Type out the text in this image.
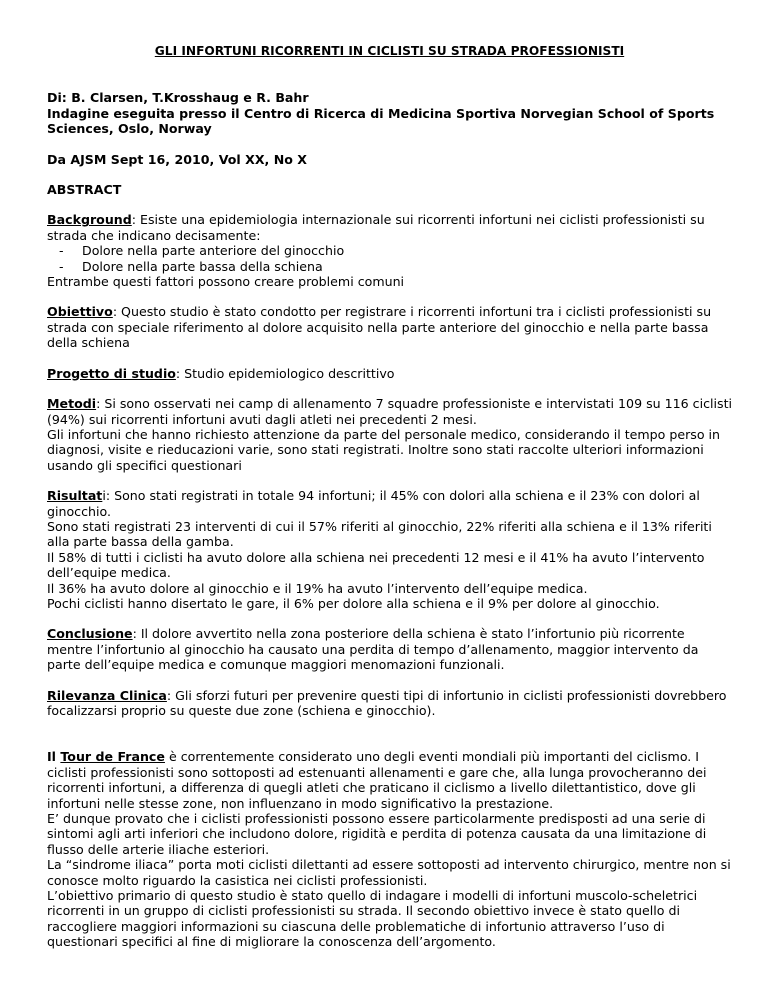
GLI INFORTUNI RICORRENTI IN CICLISTI SU STRADA PROFESSIONISTI

Di: B. Clarsen, T.Krosshaug e R. Bahr

Indagine eseguita presso il Centro di Ricerca di Medicina Sportiva Norvegian School of Sports Sciences, Oslo, Norway

Da AJSM Sept 16, 2010, Vol XX, No X

ABSTRACT

Background: Esiste una epidemiologia internazionale sui ricorrenti infortuni nei ciclisti professionisti su strada che indicano decisamente:

- Dolore nella parte anteriore del ginocchio
- Dolore nella parte bassa della schiena

Entrambe questi fattori possono creare problemi comuni

Obiettivo: Questo studio è stato condotto per registrare i ricorrenti infortuni tra i ciclisti professionisti su strada con speciale riferimento al dolore acquisito nella parte anteriore del ginocchio e nella parte bassa della schiena

Progetto di studio: Studio epidemiologico descrittivo

Metodi: Si sono osservati nei camp di allenamento 7 squadre professioniste e intervistati 109 su 116 ciclisti (94%) sui ricorrenti infortuni avuti dagli atleti nei precedenti 2 mesi.

Gli infortuni che hanno richiesto attenzione da parte del personale medico, considerando il tempo perso in diagnosi, visite e rieducazioni varie, sono stati registrati. Inoltre sono stati raccolte ulteriori informazioni usando gli specifici questionari

Risultati: Sono stati registrati in totale 94 infortuni; il 45% con dolori alla schiena e il 23% con dolori al ginocchio.

Sono stati registrati 23 interventi di cui il 57% riferiti al ginocchio, 22% riferiti alla schiena e il 13% riferiti alla parte bassa della gamba.

Il 58% di tutti i ciclisti ha avuto dolore alla schiena nei precedenti 12 mesi e il 41% ha avuto l’intervento dell’equipe medica.

Il 36% ha avuto dolore al ginocchio e il 19% ha avuto l’intervento dell’equipe medica.

Pochi ciclisti hanno disertato le gare, il 6% per dolore alla schiena e il 9% per dolore al ginocchio.

Conclusione: Il dolore avvertito nella zona posteriore della schiena è stato l’infortunio più ricorrente mentre l’infortunio al ginocchio ha causato una perdita di tempo d’allenamento, maggior intervento da parte dell’equipe medica e comunque maggiori menomazioni funzionali.

Rilevanza Clinica: Gli sforzi futuri per prevenire questi tipi di infortunio in ciclisti professionisti dovrebbero focalizzarsi proprio su queste due zone (schiena e ginocchio).

Il Tour de France è correntemente considerato uno degli eventi mondiali più importanti del ciclismo. I ciclisti professionisti sono sottoposti ad estenuanti allenamenti e gare che, alla lunga provocheranno dei ricorrenti infortuni, a differenza di quegli atleti che praticano il ciclismo a livello dilettantistico, dove gli infortuni nelle stesse zone, non influenzano in modo significativo la prestazione.

E’ dunque provato che i ciclisti professionisti possono essere particolarmente predisposti ad una serie di sintomi agli arti inferiori che includono dolore, rigidità e perdita di potenza causata da una limitazione di flusso delle arterie iliache esteriori.

La “sindrome iliaca” porta moti ciclisti dilettanti ad essere sottoposti ad intervento chirurgico, mentre non si conosce molto riguardo la casistica nei ciclisti professionisti.

L’obiettivo primario di questo studio è stato quello di indagare i modelli di infortuni muscolo-scheletrici ricorrenti in un gruppo di ciclisti professionisti su strada. Il secondo obiettivo invece è stato quello di raccogliere maggiori informazioni su ciascuna delle problematiche di infortunio attraverso l’uso di questionari specifici al fine di migliorare la conoscenza dell’argomento.
